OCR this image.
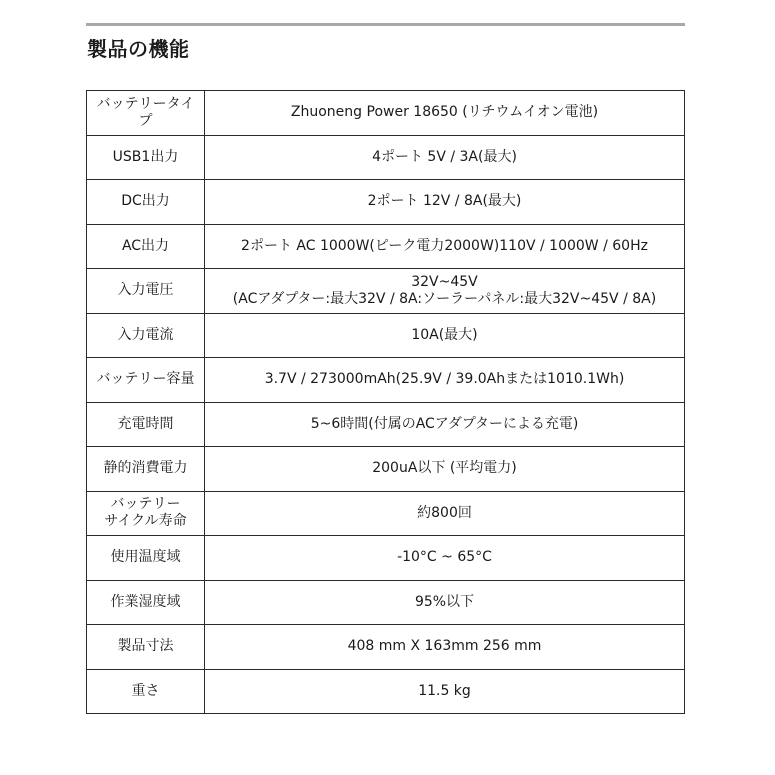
製品の機能
バッテリータイプ	Zhuoneng Power 18650 (リチウムイオン電池)

USB1出力	4ポート 5V / 3A(最大)

DC出力	2ポート 12V / 8A(最大)

AC出力	2ポート AC 1000W(ピーク電力2000W)110V / 1000W / 60Hz

入力電圧	32V~45V
(ACアダプター:最大32V / 8A:ソーラーパネル:最大32V~45V / 8A)

入力電流	10A(最大)

バッテリー容量	3.7V / 273000mAh(25.9V / 39.0Ahまたは1010.1Wh)

充電時間	5~6時間(付属のACアダプターによる充電)

静的消費電力	200uA以下 (平均電力)

バッテリー
サイクル寿命	約800回

使用温度域	-10°C ~ 65°C

作業湿度域	95%以下

製品寸法	408 mm X 163mm 256 mm

重さ	11.5 kg
